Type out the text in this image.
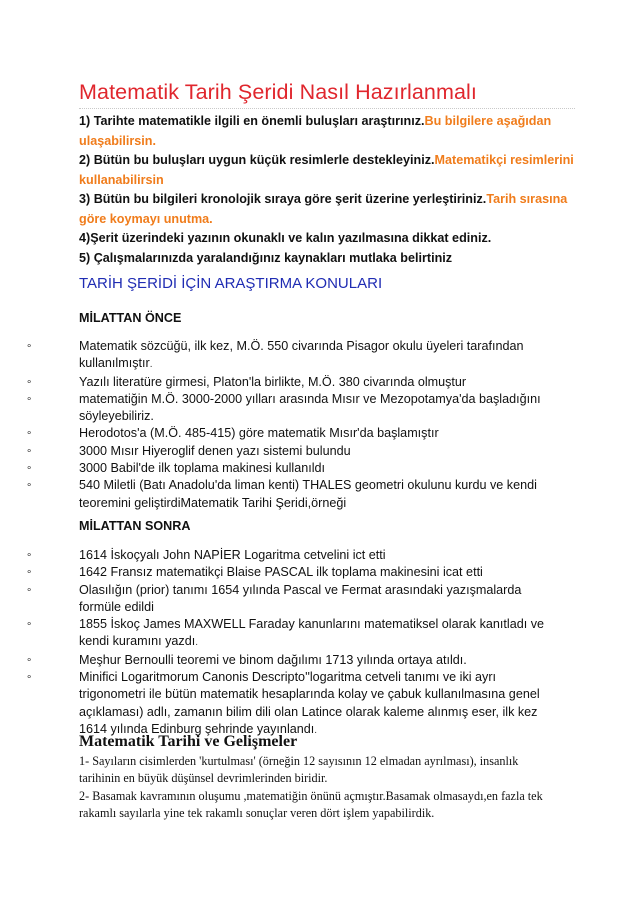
Matematik Tarih Şeridi Nasıl Hazırlanmalı

1) Tarihte matematikle ilgili en önemli buluşları araştırınız.Bu bilgilere aşağıdan ulaşabilirsin.

2) Bütün bu buluşları uygun küçük resimlerle destekleyiniz.Matematikçi resimlerini kullanabilirsin

3) Bütün bu bilgileri kronolojik sıraya göre şerit üzerine yerleştiriniz.Tarih sırasına göre koymayı unutma.

4)Şerit üzerindeki yazının okunaklı ve kalın yazılmasına dikkat ediniz.

5) Çalışmalarınızda yaralandığınız kaynakları mutlaka belirtiniz

TARİH ŞERİDİ İÇİN ARAŞTIRMA KONULARI
MİLATTAN ÖNCE
∘	Matematik sözcüğü, ilk kez, M.Ö. 550 civarında Pisagor okulu üyeleri tarafından kullanılmıştır.
∘	Yazılı literatüre girmesi, Platon'la birlikte, M.Ö. 380 civarında olmuştur
∘	matematiğin M.Ö. 3000-2000 yılları arasında Mısır ve Mezopotamya'da başladığını söyleyebiliriz.
∘	Herodotos'a (M.Ö. 485-415) göre matematik Mısır'da başlamıştır
∘	3000 Mısır Hiyeroglif denen yazı sistemi bulundu
∘	3000 Babil'de ilk toplama makinesi kullanıldı
∘	540 Miletli (Batı Anadolu'da liman kenti) THALES geometri okulunu kurdu ve kendi teoremini geliştirdiMatematik Tarihi Şeridi,örneği
MİLATTAN SONRA
∘	1614 İskoçyalı John NAPİER Logaritma cetvelini ict etti
∘	1642 Fransız matematikçi Blaise PASCAL ilk toplama makinesini icat etti
∘	Olasılığın (prior) tanımı 1654 yılında Pascal ve Fermat arasındaki yazışmalarda formüle edildi
∘	1855 İskoç James MAXWELL Faraday kanunlarını matematiksel olarak kanıtladı ve kendi kuramını yazdı.
∘	Meşhur Bernoulli teoremi ve binom dağılımı 1713 yılında ortaya atıldı.
∘	Minifici Logaritmorum Canonis Descripto''logaritma cetveli tanımı ve iki ayrı trigonometri ile bütün matematik hesaplarında kolay ve çabuk kullanılmasına genel açıklaması) adlı, zamanın bilim dili olan Latince olarak kaleme alınmış eser, ilk kez 1614 yılında Edinburg şehrinde yayınlandı.
Matematik Tarihi ve Gelişmeler

1- Sayıların cisimlerden 'kurtulması' (örneğin 12 sayısının 12 elmadan ayrılması), insanlık tarihinin en büyük düşünsel devrimlerinden biridir.

2- Basamak kavramının oluşumu ,matematiğin önünü açmıştır.Basamak olmasaydı,en fazla tek rakamlı sayılarla yine tek rakamlı sonuçlar veren dört işlem yapabilirdik.
